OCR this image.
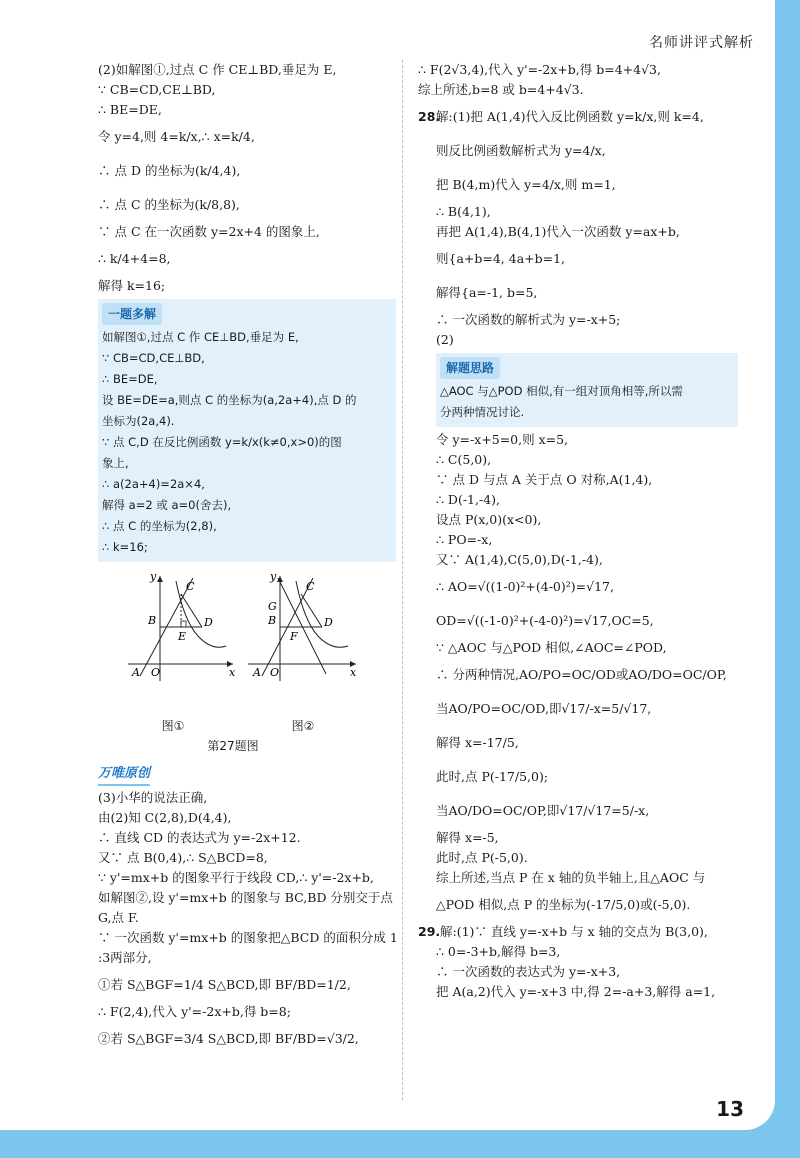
名师讲评式解析
(2)如解图①,过点 C 作 CE⊥BD,垂足为 E,
∵ CB=CD,CE⊥BD,
∴ BE=DE,
令 y=4,则 4=k/x,∴ x=k/4,
∴ 点 D 的坐标为(k/4,4),
∴ 点 C 的坐标为(k/8,8),
∵ 点 C 在一次函数 y=2x+4 的图象上,
∴ k/4+4=8,
解得 k=16;
一题多解
如解图①,过点 C 作 CE⊥BD,垂足为 E,
∵ CB=CD,CE⊥BD,
∴ BE=DE,
设 BE=DE=a,则点 C 的坐标为(a,2a+4),点 D 的
坐标为(2a,4).
∵ 点 C,D 在反比例函数 y=k/x(k≠0,x>0)的图
象上,
∴ a(2a+4)=2a×4,
解得 a=2 或 a=0(舍去),
∴ 点 C 的坐标为(2,8),
∴ k=16;
C
B	D
E
A O	x
y
C
G
B	D
F
A O	x
y
图①	图②
第27题图
万唯原创
(3)小华的说法正确,
由(2)知 C(2,8),D(4,4),
∴ 直线 CD 的表达式为 y=-2x+12.
又∵ 点 B(0,4),∴ S△BCD=8,
∵ y'=mx+b 的图象平行于线段 CD,∴ y'=-2x+b,
如解图②,设 y'=mx+b 的图象与 BC,BD 分别交于点
G,点 F.
∵ 一次函数 y'=mx+b 的图象把△BCD 的面积分成 1
:3两部分,
①若 S△BGF=1/4 S△BCD,即 BF/BD=1/2,
∴ F(2,4),代入 y'=-2x+b,得 b=8;
②若 S△BGF=3/4 S△BCD,即 BF/BD=√3/2,
∴ F(2√3,4),代入 y'=-2x+b,得 b=4+4√3,
综上所述,b=8 或 b=4+4√3.
28.
解:(1)把 A(1,4)代入反比例函数 y=k/x,则 k=4,
则反比例函数解析式为 y=4/x,
把 B(4,m)代入 y=4/x,则 m=1,
∴ B(4,1),
再把 A(1,4),B(4,1)代入一次函数 y=ax+b,
则{a+b=4, 4a+b=1,
解得{a=-1, b=5,
∴ 一次函数的解析式为 y=-x+5;
(2)
解题思路
△AOC 与△POD 相似,有一组对顶角相等,所以需
分两种情况讨论.
令 y=-x+5=0,则 x=5,
∴ C(5,0),
∵ 点 D 与点 A 关于点 O 对称,A(1,4),
∴ D(-1,-4),
设点 P(x,0)(x<0),
∴ PO=-x,
又∵ A(1,4),C(5,0),D(-1,-4),
∴ AO=√((1-0)²+(4-0)²)=√17,
OD=√((-1-0)²+(-4-0)²)=√17,OC=5,
∵ △AOC 与△POD 相似,∠AOC=∠POD,
∴ 分两种情况,AO/PO=OC/OD或AO/DO=OC/OP,
当AO/PO=OC/OD,即√17/-x=5/√17,
解得 x=-17/5,
此时,点 P(-17/5,0);
当AO/DO=OC/OP,即√17/√17=5/-x,
解得 x=-5,
此时,点 P(-5,0).
综上所述,当点 P 在 x 轴的负半轴上,且△AOC 与
△POD 相似,点 P 的坐标为(-17/5,0)或(-5,0).
29. 解:(1)∵ 直线 y=-x+b 与 x 轴的交点为 B(3,0),
∴ 0=-3+b,解得 b=3,
∴ 一次函数的表达式为 y=-x+3,
把 A(a,2)代入 y=-x+3 中,得 2=-a+3,解得 a=1,
13
